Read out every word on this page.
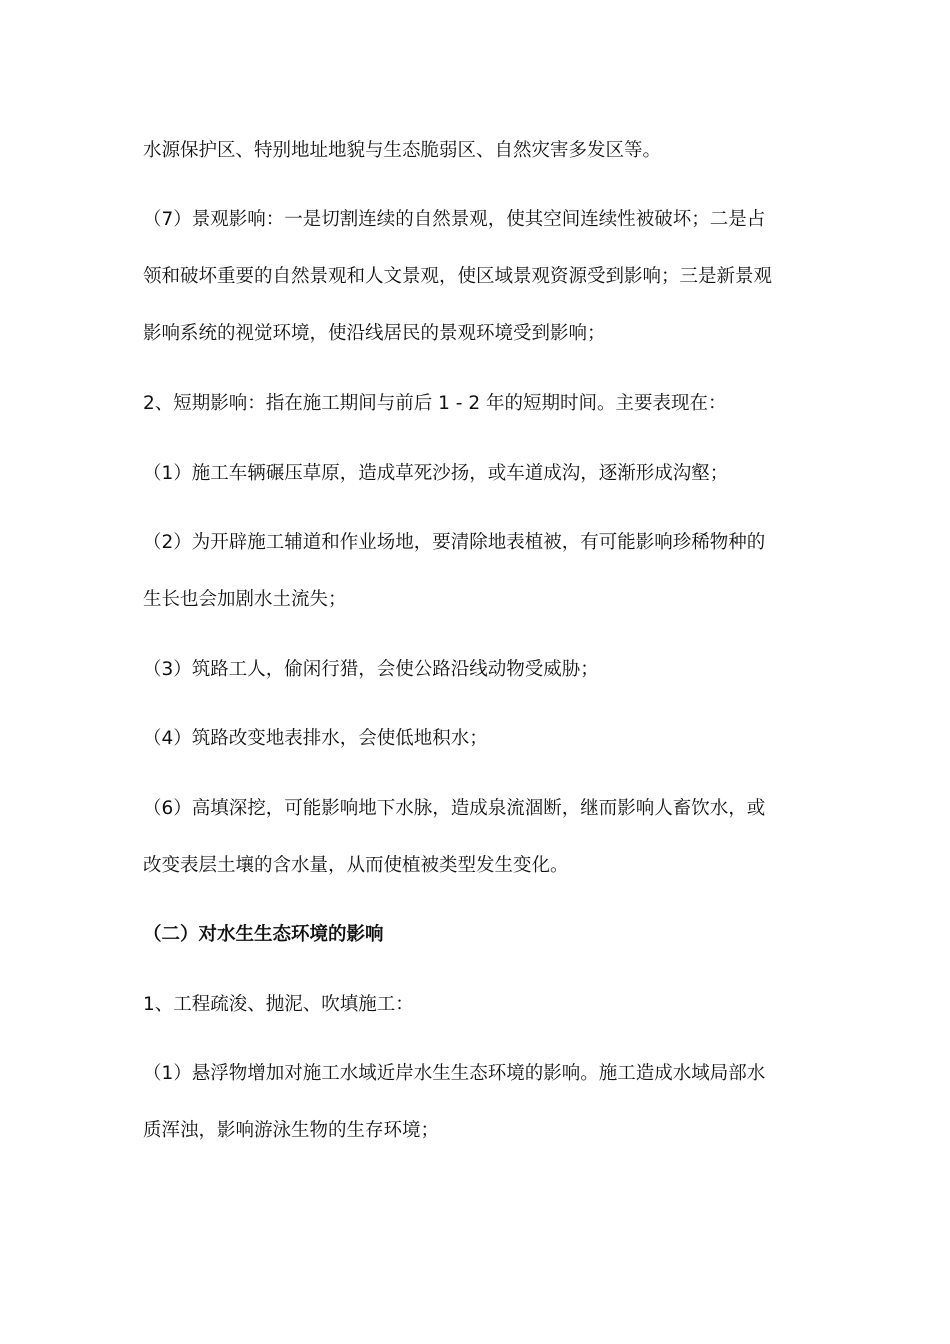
水源保护区、特别地址地貌与生态脆弱区、自然灾害多发区等。
（7）景观影响：一是切割连续的自然景观，使其空间连续性被破坏；二是占
领和破坏重要的自然景观和人文景观，使区域景观资源受到影响；三是新景观
影响系统的视觉环境，使沿线居民的景观环境受到影响；
2、短期影响：指在施工期间与前后 1 - 2 年的短期时间。主要表现在：
（1）施工车辆碾压草原，造成草死沙扬，或车道成沟，逐渐形成沟壑；
（2）为开辟施工辅道和作业场地，要清除地表植被，有可能影响珍稀物种的
生长也会加剧水土流失；
（3）筑路工人，偷闲行猎，会使公路沿线动物受威胁；
（4）筑路改变地表排水，会使低地积水；
（6）高填深挖，可能影响地下水脉，造成泉流涸断，继而影响人畜饮水，或
改变表层土壤的含水量，从而使植被类型发生变化。
（二）对水生生态环境的影响
1、工程疏浚、抛泥、吹填施工：
（1）悬浮物增加对施工水域近岸水生生态环境的影响。施工造成水域局部水
质浑浊，影响游泳生物的生存环境；
